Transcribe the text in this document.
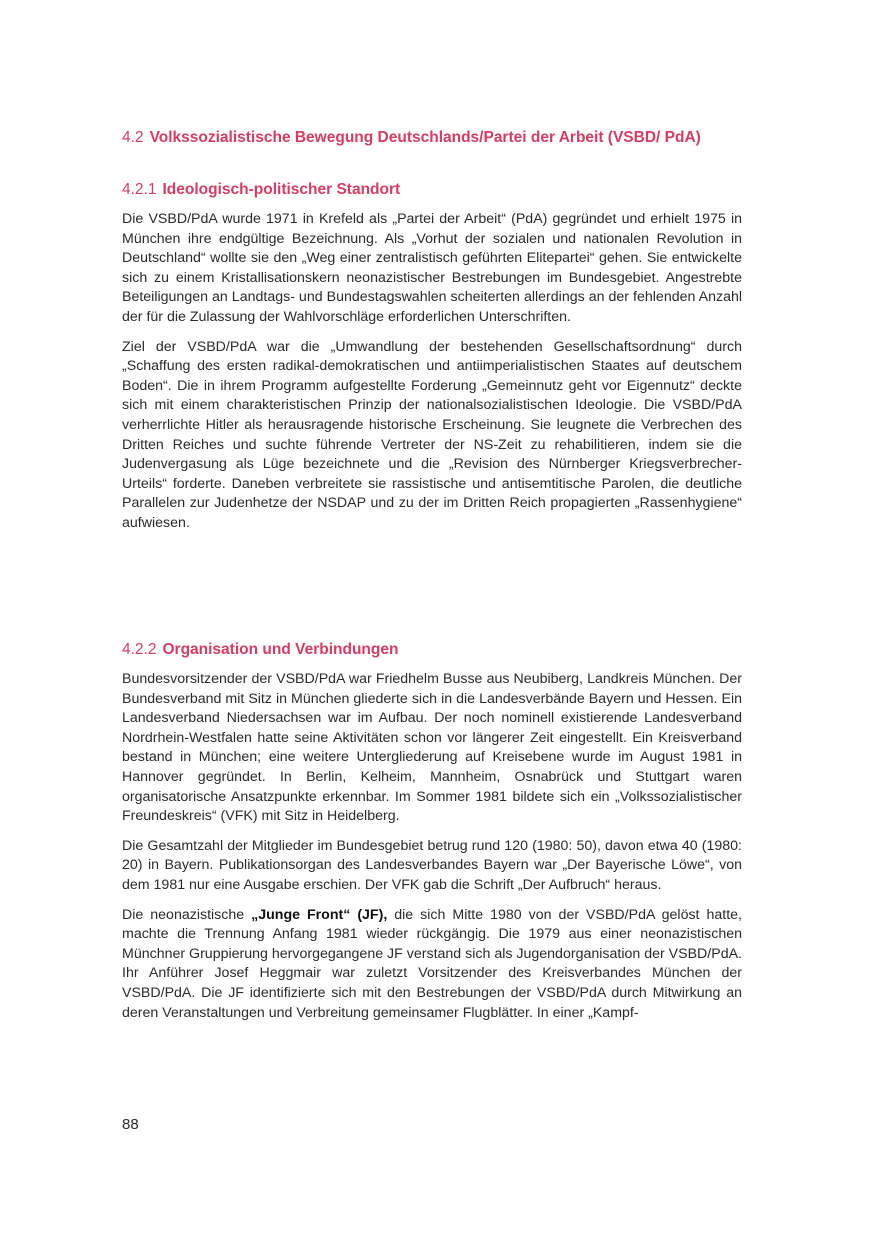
4.2 Volkssozialistische Bewegung Deutschlands/Partei der Arbeit (VSBD/ PdA)
4.2.1 Ideologisch-politischer Standort

Die VSBD/PdA wurde 1971 in Krefeld als „Partei der Arbeit“ (PdA) gegründet und erhielt 1975 in München ihre endgültige Bezeichnung. Als „Vorhut der sozialen und nationalen Revolution in Deutschland“ wollte sie den „Weg einer zentralistisch geführten Elitepartei“ gehen. Sie entwickelte sich zu einem Kristallisationskern neonazistischer Bestrebungen im Bundesgebiet. Angestrebte Beteiligungen an Landtags- und Bundestagswahlen scheiterten allerdings an der fehlenden Anzahl der für die Zulassung der Wahlvorschläge erforderlichen Unterschriften.

Ziel der VSBD/PdA war die „Umwandlung der bestehenden Gesellschaftsordnung“ durch „Schaffung des ersten radikal-demokratischen und antiimperialistischen Staates auf deutschem Boden“. Die in ihrem Programm aufgestellte Forderung „Gemeinnutz geht vor Eigennutz“ deckte sich mit einem charakteristischen Prinzip der nationalsozialistischen Ideologie. Die VSBD/PdA verherrlichte Hitler als herausragende historische Erscheinung. Sie leugnete die Verbrechen des Dritten Reiches und suchte führende Vertreter der NS-Zeit zu rehabilitieren, indem sie die Judenvergasung als Lüge bezeichnete und die „Revision des Nürnberger Kriegsverbrecher-Urteils“ forderte. Daneben verbreitete sie rassistische und antisemtitische Parolen, die deutliche Parallelen zur Judenhetze der NSDAP und zu der im Dritten Reich propagierten „Rassenhygiene“ aufwiesen.

4.2.2 Organisation und Verbindungen

Bundesvorsitzender der VSBD/PdA war Friedhelm Busse aus Neubiberg, Landkreis München. Der Bundesverband mit Sitz in München gliederte sich in die Landesverbände Bayern und Hessen. Ein Landesverband Niedersachsen war im Aufbau. Der noch nominell existierende Landesverband Nordrhein-Westfalen hatte seine Aktivitäten schon vor längerer Zeit eingestellt. Ein Kreisverband bestand in München; eine weitere Untergliederung auf Kreisebene wurde im August 1981 in Hannover gegründet. In Berlin, Kelheim, Mannheim, Osnabrück und Stuttgart waren organisatorische Ansatzpunkte erkennbar. Im Sommer 1981 bildete sich ein „Volkssozialistischer Freundeskreis“ (VFK) mit Sitz in Heidelberg.

Die Gesamtzahl der Mitglieder im Bundesgebiet betrug rund 120 (1980: 50), davon etwa 40 (1980: 20) in Bayern. Publikationsorgan des Landesverbandes Bayern war „Der Bayerische Löwe“, von dem 1981 nur eine Ausgabe erschien. Der VFK gab die Schrift „Der Aufbruch“ heraus.

Die neonazistische „Junge Front“ (JF), die sich Mitte 1980 von der VSBD/PdA gelöst hatte, machte die Trennung Anfang 1981 wieder rückgängig. Die 1979 aus einer neonazistischen Münchner Gruppierung hervorgegangene JF verstand sich als Jugendorganisation der VSBD/PdA. Ihr Anführer Josef Heggmair war zuletzt Vorsitzender des Kreisverbandes München der VSBD/PdA. Die JF identifizierte sich mit den Bestrebungen der VSBD/PdA durch Mitwirkung an deren Veranstaltungen und Verbreitung gemeinsamer Flugblätter. In einer „Kampf-

88
